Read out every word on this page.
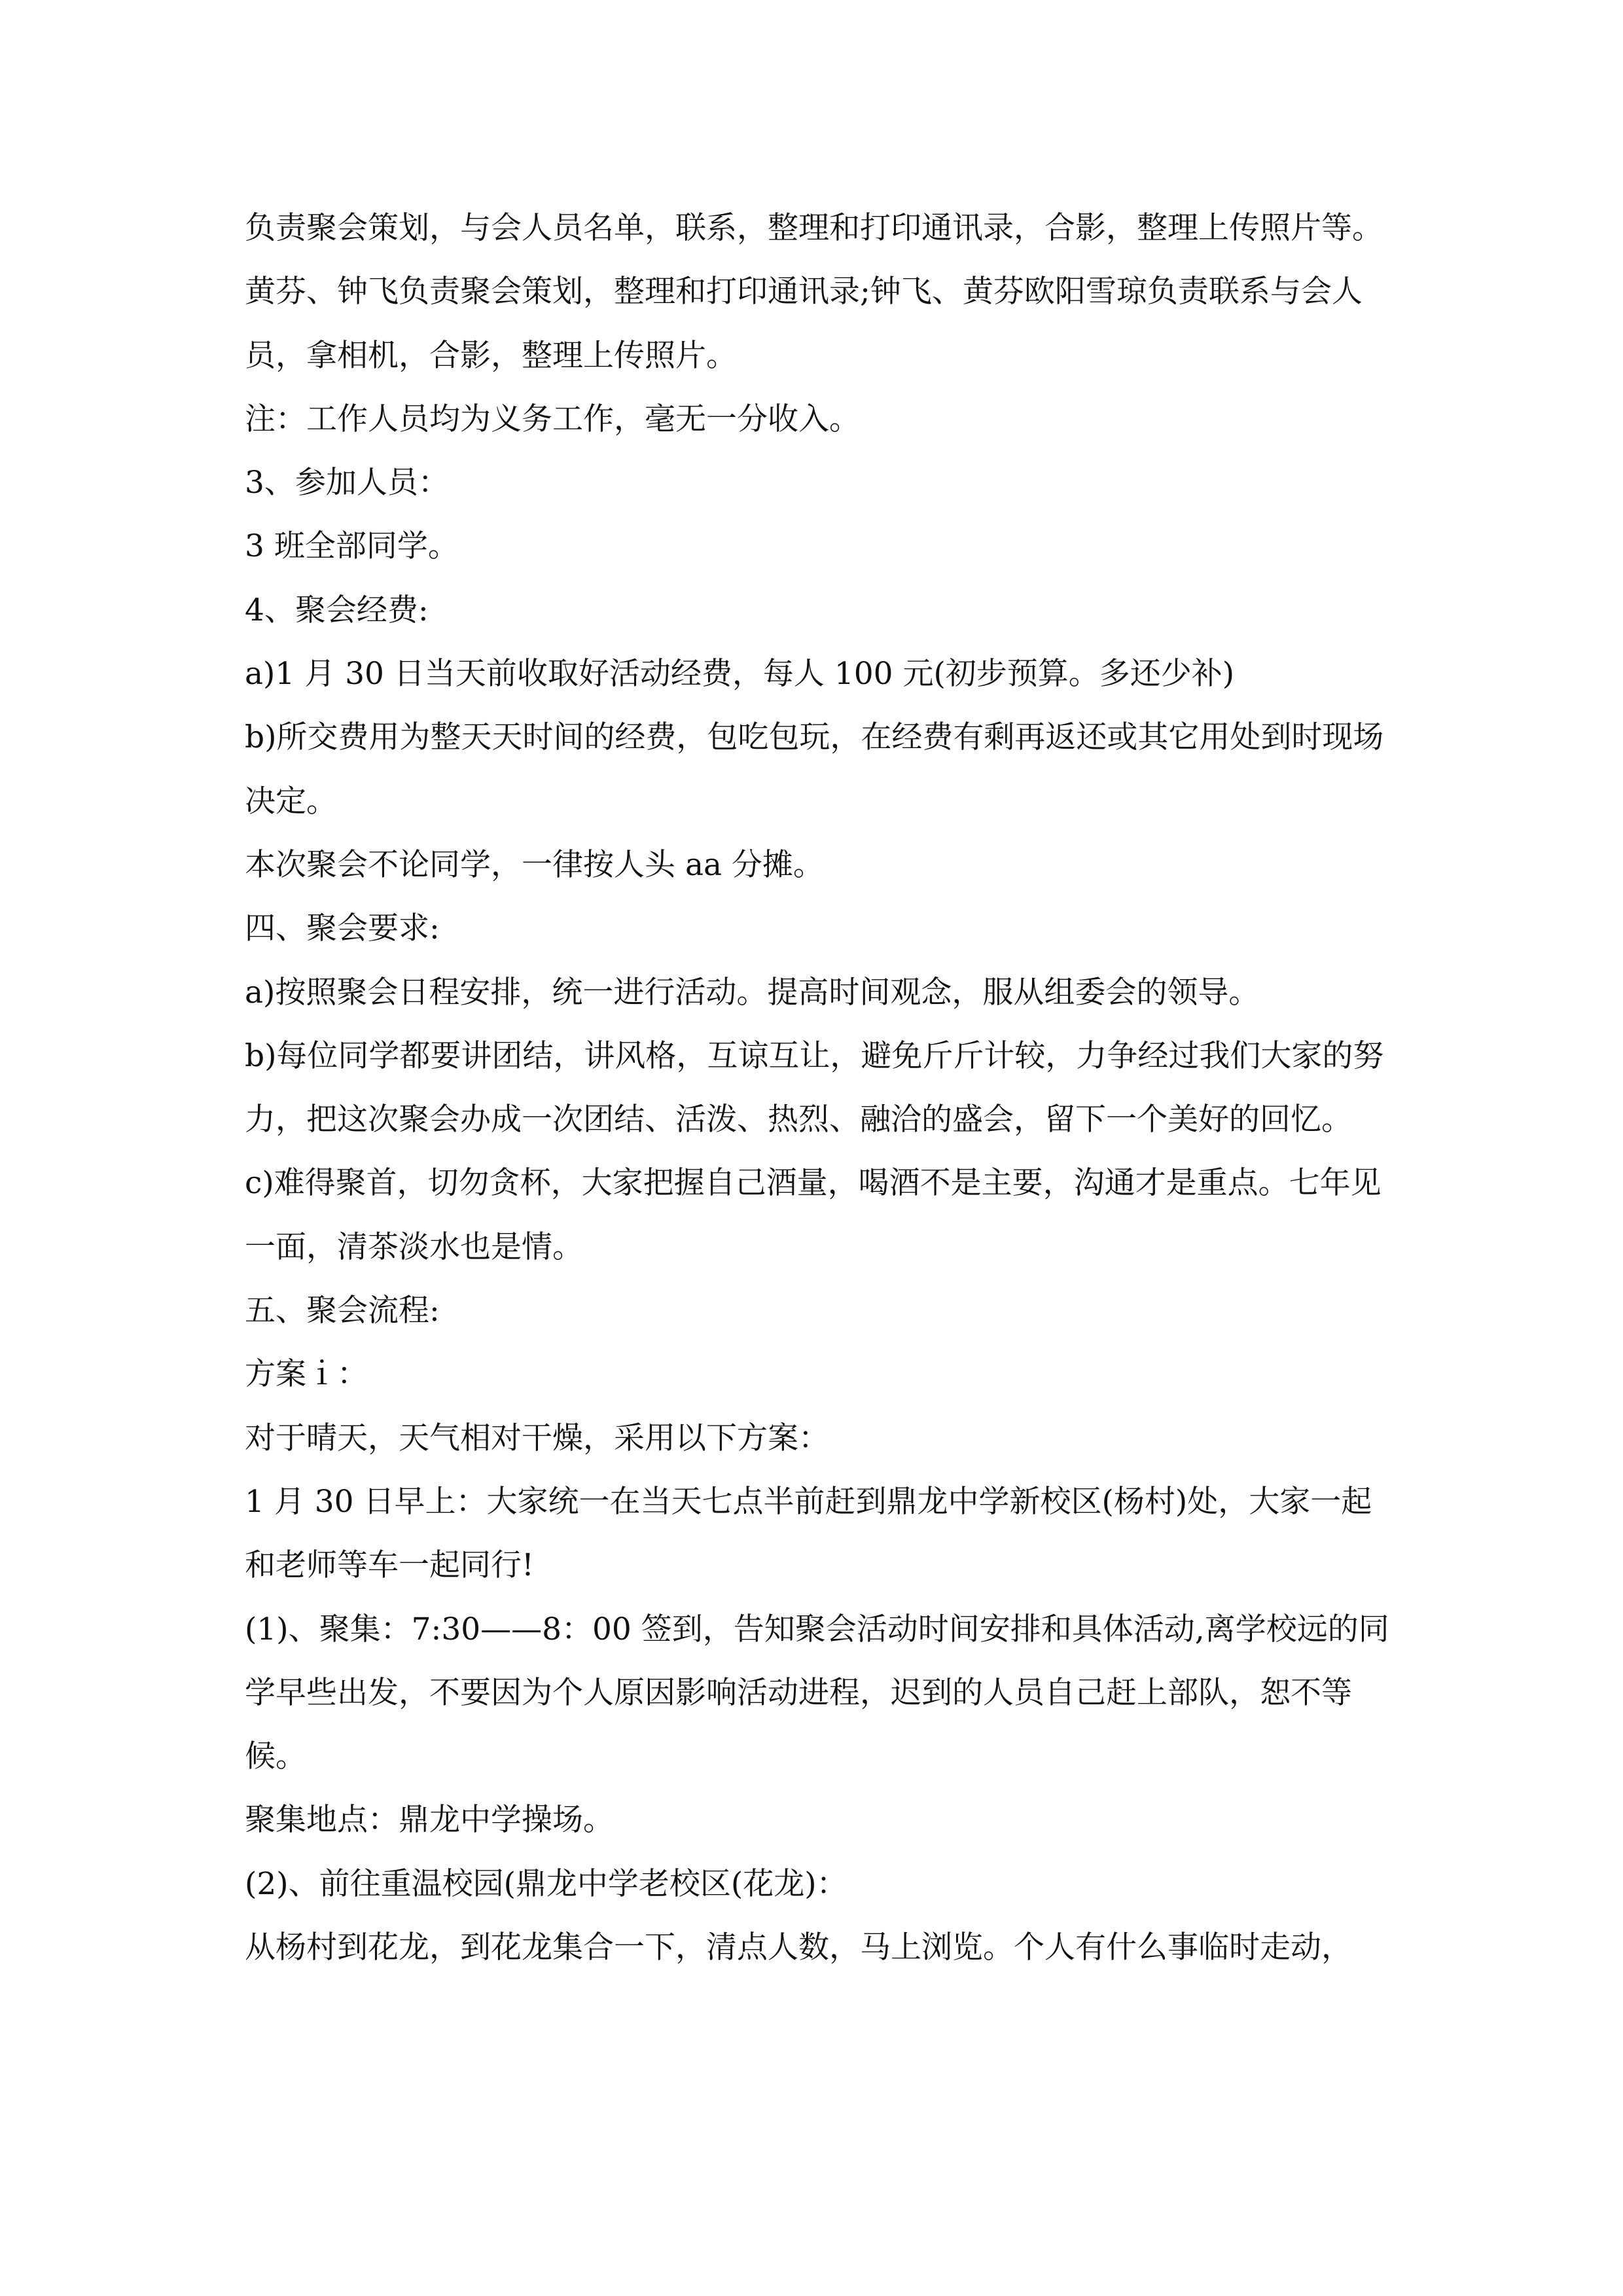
负责聚会策划，与会人员名单，联系，整理和打印通讯录，合影，整理上传照片等。黄芬、钟飞负责聚会策划，整理和打印通讯录;钟飞、黄芬欧阳雪琼负责联系与会人员，拿相机，合影，整理上传照片。

注：工作人员均为义务工作，毫无一分收入。

3、参加人员：

3 班全部同学。

4、聚会经费:

a)1 月 30 日当天前收取好活动经费，每人 100 元(初步预算。多还少补)

b)所交费用为整天天时间的经费，包吃包玩，在经费有剩再返还或其它用处到时现场决定。

本次聚会不论同学，一律按人头 aa 分摊。

四、聚会要求:

a)按照聚会日程安排，统一进行活动。提高时间观念，服从组委会的领导。

b)每位同学都要讲团结，讲风格，互谅互让，避免斤斤计较，力争经过我们大家的努力，把这次聚会办成一次团结、活泼、热烈、融洽的盛会，留下一个美好的回忆。

c)难得聚首，切勿贪杯，大家把握自己酒量，喝酒不是主要，沟通才是重点。七年见一面，清茶淡水也是情。

五、聚会流程:

方案ｉ：

对于晴天，天气相对干燥，采用以下方案：

1 月 30 日早上：大家统一在当天七点半前赶到鼎龙中学新校区(杨村)处，大家一起和老师等车一起同行!

(1)、聚集：7:30——8：00 签到，告知聚会活动时间安排和具体活动,离学校远的同学早些出发，不要因为个人原因影响活动进程，迟到的人员自己赶上部队，恕不等候。

聚集地点：鼎龙中学操场。

(2)、前往重温校园(鼎龙中学老校区(花龙)：

从杨村到花龙，到花龙集合一下，清点人数，马上浏览。个人有什么事临时走动，
